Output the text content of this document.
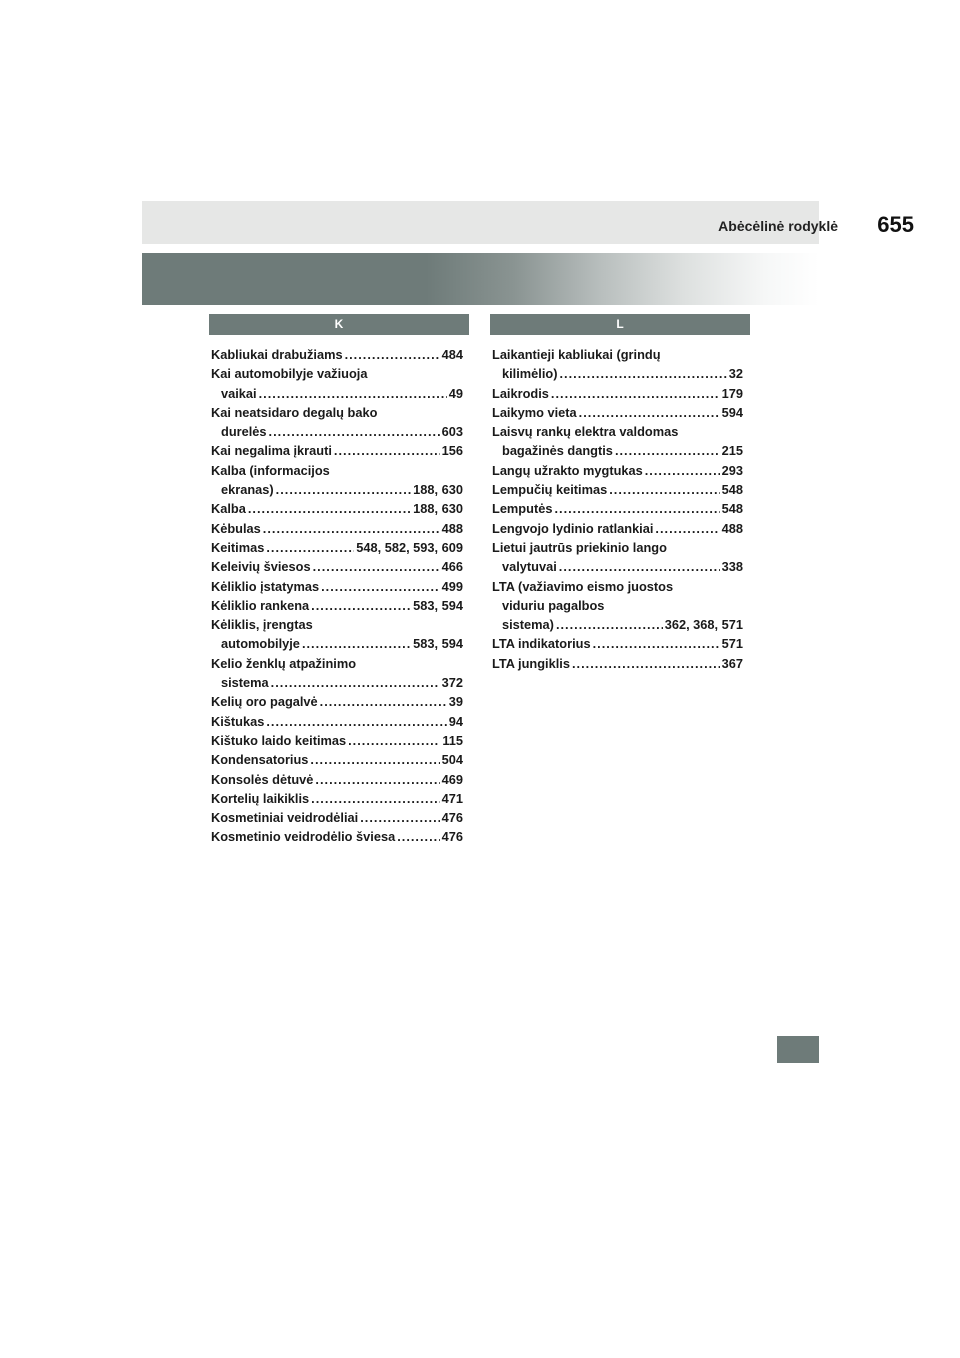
Abėcėlinė rodyklė 655
K	L
Kabliukai drabužiams .....	484
Kai automobilyje važiuoja
vaikai .....	49
Kai neatsidaro degalų bako
durelės .....	603
Kai negalima įkrauti .....	156
Kalba (informacijos
ekranas) .....	188, 630
Kalba .....	188, 630
Kėbulas .....	488
Keitimas .....	548, 582, 593, 609
Keleivių šviesos .....	466
Kėliklio įstatymas .....	499
Kėliklio rankena .....	583, 594
Kėliklis, įrengtas
automobilyje .....	583, 594
Kelio ženklų atpažinimo
sistema .....	372
Kelių oro pagalvė .....	39
Kištukas .....	94
Kištuko laido keitimas .....	115
Kondensatorius .....	504
Konsolės dėtuvė .....	469
Kortelių laikiklis .....	471
Kosmetiniai veidrodėliai .....	476
Kosmetinio veidrodėlio šviesa .....	476
Laikantieji kabliukai (grindų
kilimėlio) .....	32
Laikrodis .....	179
Laikymo vieta .....	594
Laisvų rankų elektra valdomas
bagažinės dangtis .....	215
Langų užrakto mygtukas .....	293
Lempučių keitimas .....	548
Lemputės .....	548
Lengvojo lydinio ratlankiai .....	488
Lietui jautrūs priekinio lango
valytuvai .....	338
LTA (važiavimo eismo juostos
viduriu pagalbos
sistema) .....	362, 368, 571
LTA indikatorius .....	571
LTA jungiklis .....	367
